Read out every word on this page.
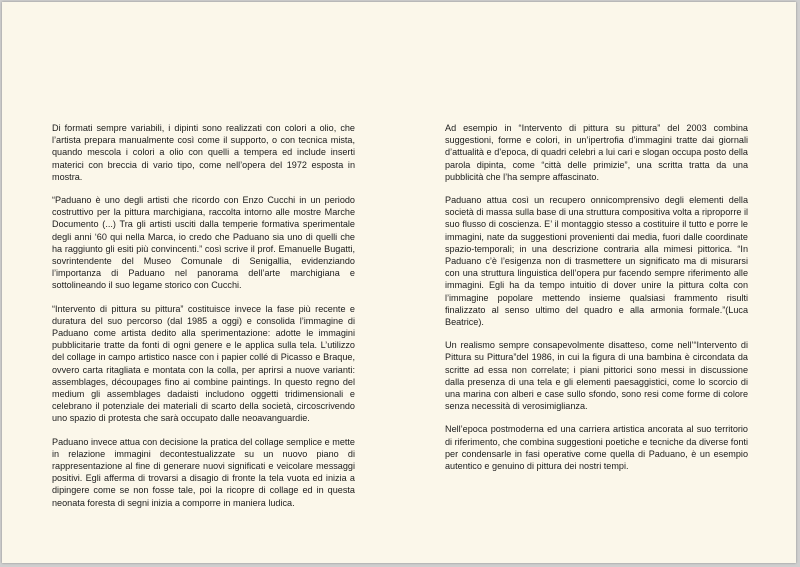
Di formati sempre variabili, i dipinti sono realizzati con colori a olio, che l’artista prepara manualmente così come il supporto, o con tecnica mista, quando mescola i colori a olio con quelli a tempera ed include inserti materici con breccia di vario tipo, come nell’opera del 1972 esposta in mostra.

“Paduano è uno degli artisti che ricordo con Enzo Cucchi in un periodo costruttivo per la pittura marchigiana, raccolta intorno alle mostre Marche Documento (...) Tra gli artisti usciti dalla temperie formativa sperimentale degli anni ‘60 qui nella Marca, io credo che Paduano sia uno di quelli che ha raggiunto gli esiti più convincenti.” così scrive il prof. Emanuelle Bugatti, sovrintendente del Museo Comunale di Senigallia, evidenziando l’importanza di Paduano nel panorama dell’arte marchigiana e sottolineando il suo legame storico con Cucchi.

“Intervento di pittura su pittura” costituisce invece la fase più recente e duratura del suo percorso (dal 1985 a oggi) e consolida l’immagine di Paduano come artista dedito alla sperimentazione: adotte le immagini pubblicitarie tratte da fonti di ogni genere e le applica sulla tela. L’utilizzo del collage in campo artistico nasce con i papier collé di Picasso e Braque, ovvero carta ritagliata e montata con la colla, per aprirsi a nuove varianti: assemblages, découpages fino ai combine paintings. In questo regno del medium gli assemblages dadaisti includono oggetti tridimensionali e celebrano il potenziale dei materiali di scarto della società, circoscrivendo uno spazio di protesta che sarà occupato dalle neoavanguardie.

Paduano invece attua con decisione la pratica del collage semplice e mette in relazione immagini decontestualizzate su un nuovo piano di rappresentazione al fine di generare nuovi significati e veicolare messaggi positivi. Egli afferma di trovarsi a disagio di fronte la tela vuota ed inizia a dipingere come se non fosse tale, poi la ricopre di collage ed in questa neonata foresta di segni inizia a comporre in maniera ludica.

Ad esempio in “Intervento di pittura su pittura” del 2003 combina suggestioni, forme e colori, in un’ipertrofia d’immagini tratte dai giornali d’attualità e d’epoca, di quadri celebri a lui cari e slogan occupa posto della parola dipinta, come “città delle primizie”, una scritta tratta da una pubblicità che l’ha sempre affascinato.

Paduano attua così un recupero onnicomprensivo degli elementi della società di massa sulla base di una struttura compositiva volta a riproporre il suo flusso di coscienza. E’ il montaggio stesso a costituire il tutto e porre le immagini, nate da suggestioni provenienti dai media, fuori dalle coordinate spazio-temporali; in una descrizione contraria alla mimesi pittorica. “In Paduano c’è l’esigenza non di trasmettere un significato ma di misurarsi con una struttura linguistica dell’opera pur facendo sempre riferimento alle immagini. Egli ha da tempo intuitio di dover unire la pittura colta con l’immagine popolare mettendo insieme qualsiasi frammento risulti finalizzato al senso ultimo del quadro e alla armonia formale.”(Luca Beatrice).

Un realismo sempre consapevolmente disatteso, come nell’“Intervento di Pittura su Pittura”del 1986, in cui la figura di una bambina è circondata da scritte ad essa non correlate; i piani pittorici sono messi in discussione dalla presenza di una tela e gli elementi paesaggistici, come lo scorcio di una marina con alberi e case sullo sfondo, sono resi come forme di colore senza necessità di verosimiglianza.

Nell’epoca postmoderna ed una carriera artistica ancorata al suo territorio di riferimento, che combina suggestioni poetiche e tecniche da diverse fonti per condensarle in fasi operative come quella di Paduano, è un esempio autentico e genuino di pittura dei nostri tempi.
